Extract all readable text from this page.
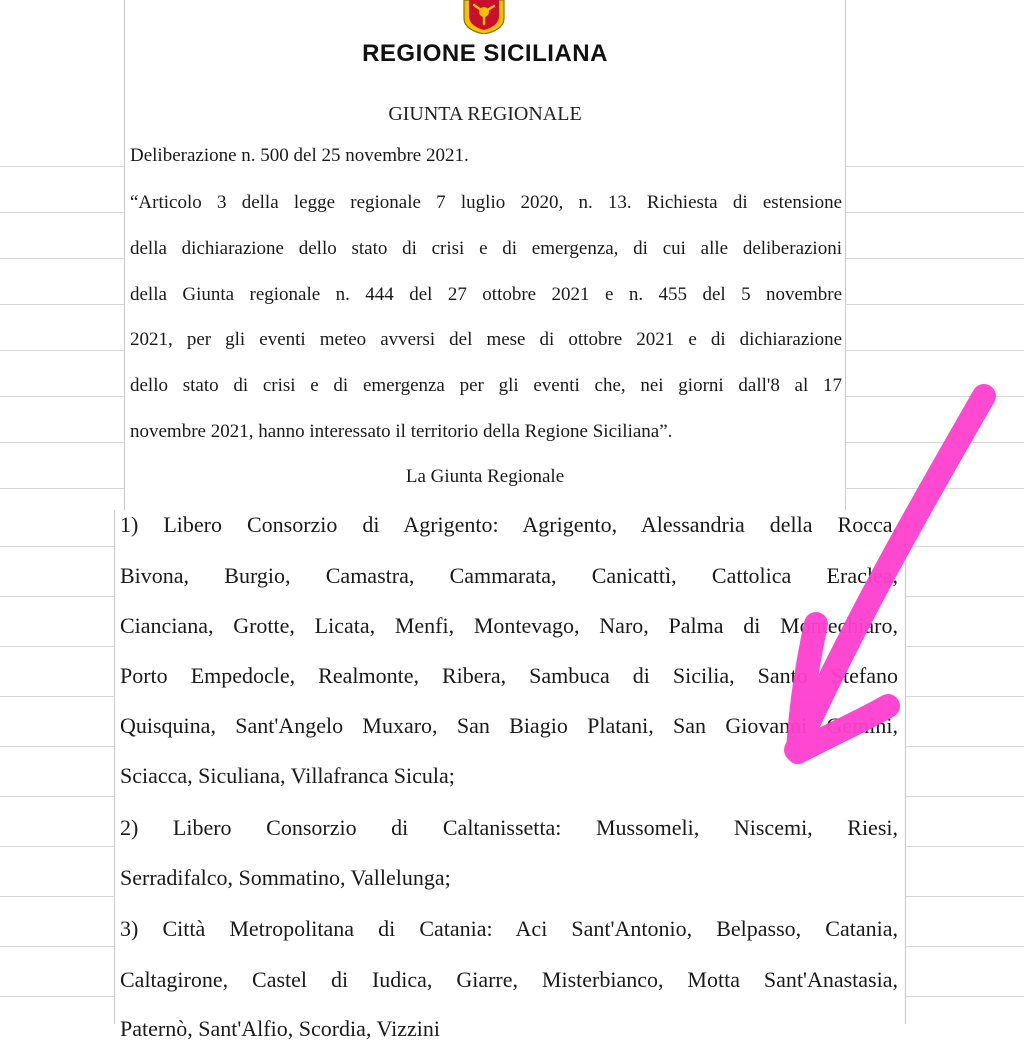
REGIONE SICILIANA
GIUNTA REGIONALE
Deliberazione n. 500 del 25 novembre 2021.
“Articolo 3 della legge regionale 7 luglio 2020, n. 13. Richiesta di estensione
della dichiarazione dello stato di crisi e di emergenza, di cui alle deliberazioni
della Giunta regionale n. 444 del 27 ottobre 2021 e n. 455 del 5 novembre
2021, per gli eventi meteo avversi del mese di ottobre 2021 e di dichiarazione
dello stato di crisi e di emergenza per gli eventi che, nei giorni dall'8 al 17
novembre 2021, hanno interessato il territorio della Regione Siciliana”.
La Giunta Regionale
1) Libero Consorzio di Agrigento: Agrigento, Alessandria della Rocca,
Bivona, Burgio, Camastra, Cammarata, Canicattì, Cattolica Eraclea,
Cianciana, Grotte, Licata, Menfi, Montevago, Naro, Palma di Montechiaro,
Porto Empedocle, Realmonte, Ribera, Sambuca di Sicilia, Santo Stefano
Quisquina, Sant'Angelo Muxaro, San Biagio Platani, San Giovanni Gemini,
Sciacca, Siculiana, Villafranca Sicula;
2) Libero Consorzio di Caltanissetta: Mussomeli, Niscemi, Riesi,
Serradifalco, Sommatino, Vallelunga;
3) Città Metropolitana di Catania: Aci Sant'Antonio, Belpasso, Catania,
Caltagirone, Castel di Iudica, Giarre, Misterbianco, Motta Sant'Anastasia,
Paternò, Sant'Alfio, Scordia, Vizzini
